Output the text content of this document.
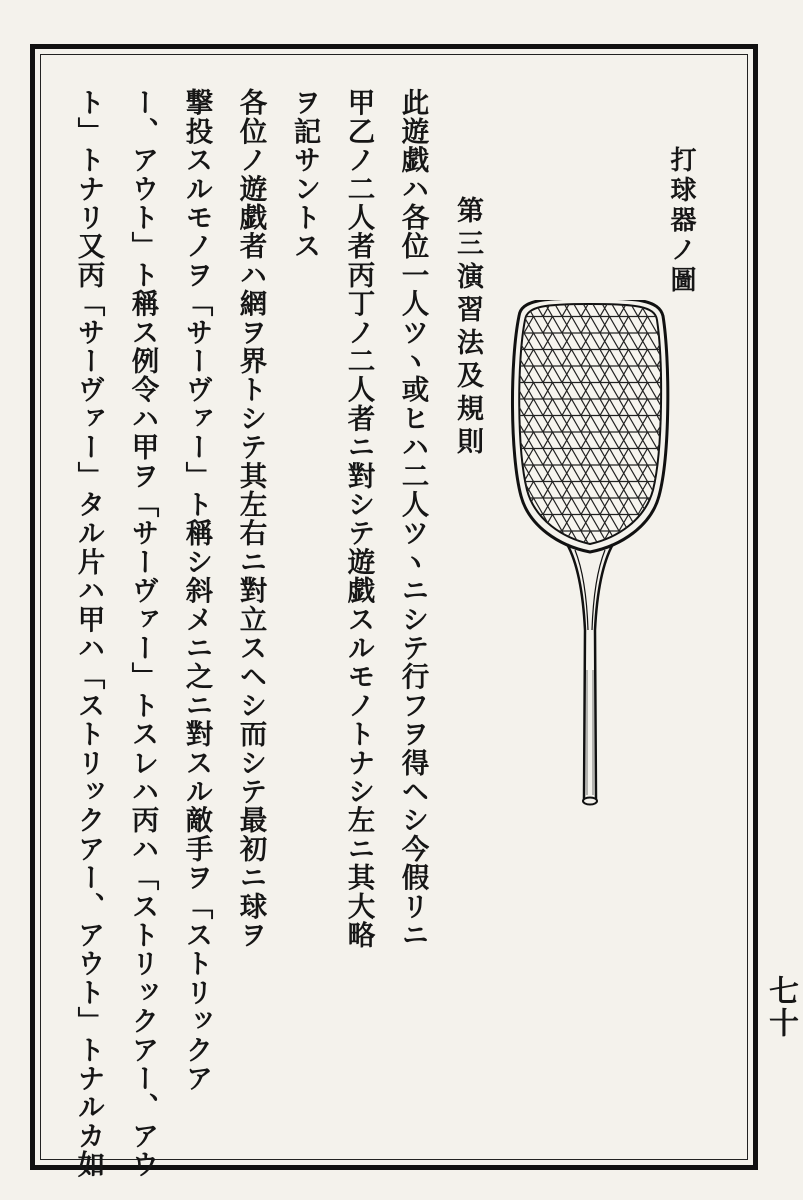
打球器ノ圖
第三演習法及規則
此遊戯ハ各位一人ツヽ或ヒハ二人ツヽニシテ行フヲ得ヘシ今假リニ
甲乙ノ二人者丙丁ノ二人者ニ對シテ遊戯スルモノトナシ左ニ其大略
ヲ記サントス
各位ノ遊戯者ハ網ヲ界トシテ其左右ニ對立スヘシ而シテ最初ニ球ヲ
撃投スルモノヲ「サーヴァー」ト稱シ斜メニ之ニ對スル敵手ヲ「ストリックア
ー、アウト」ト稱ス例令ハ甲ヲ「サーヴァー」トスレハ丙ハ「ストリックアー、アウ
ト」トナリ又丙「サーヴァー」タル片ハ甲ハ「ストリックアー、アウト」トナルカ如	七十
